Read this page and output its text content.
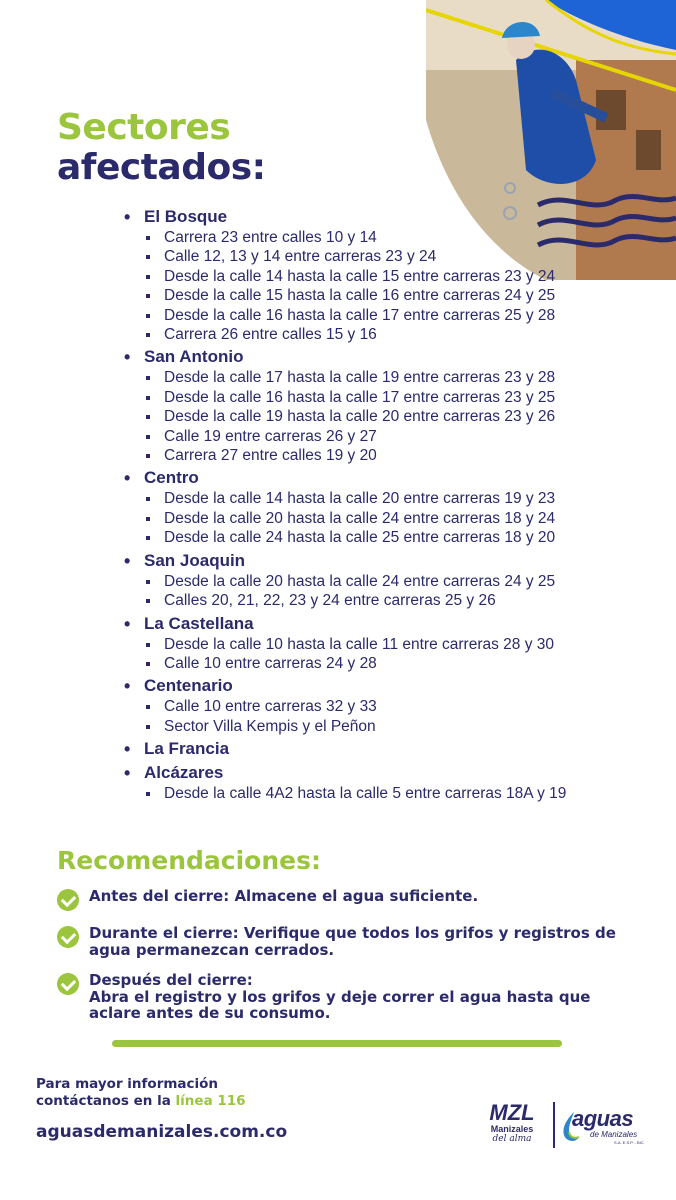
Sectores
afectados:
• El Bosque
Carrera 23 entre calles 10 y 14
Calle 12, 13 y 14 entre carreras 23 y 24
Desde la calle 14 hasta la calle 15 entre carreras 23 y 24
Desde la calle 15 hasta la calle 16 entre carreras 24 y 25
Desde la calle 16 hasta la calle 17 entre carreras 25 y 28
Carrera 26 entre calles 15 y 16
• San Antonio
Desde la calle 17 hasta la calle 19 entre carreras 23 y 28
Desde la calle 16 hasta la calle 17 entre carreras 23 y 25
Desde la calle 19 hasta la calle 20 entre carreras 23 y 26
Calle 19 entre carreras 26 y 27
Carrera 27 entre calles 19 y 20
• Centro
Desde la calle 14 hasta la calle 20 entre carreras 19 y 23
Desde la calle 20 hasta la calle 24 entre carreras 18 y 24
Desde la calle 24 hasta la calle 25 entre carreras 18 y 20
• San Joaquin
Desde la calle 20 hasta la calle 24 entre carreras 24 y 25
Calles 20, 21, 22, 23 y 24 entre carreras 25 y 26
• La Castellana
Desde la calle 10 hasta la calle 11 entre carreras 28 y 30
Calle 10 entre carreras 24 y 28
• Centenario
Calle 10 entre carreras 32 y 33
Sector Villa Kempis y el Peñon
• La Francia
• Alcázares
Desde la calle 4A2 hasta la calle 5 entre carreras 18A y 19
Recomendaciones:
Antes del cierre: Almacene el agua suficiente.
Durante el cierre: Verifique que todos los grifos y registros de agua permanezcan cerrados.
Después del cierre:
Abra el registro y los grifos y deje correr el agua hasta que aclare antes de su consumo.
Para mayor información
contáctanos en la línea 116
aguasdemanizales.com.co
MZL
Manizales
del alma
aguas
de Manizales
S.A. E.S.P. - BIC
